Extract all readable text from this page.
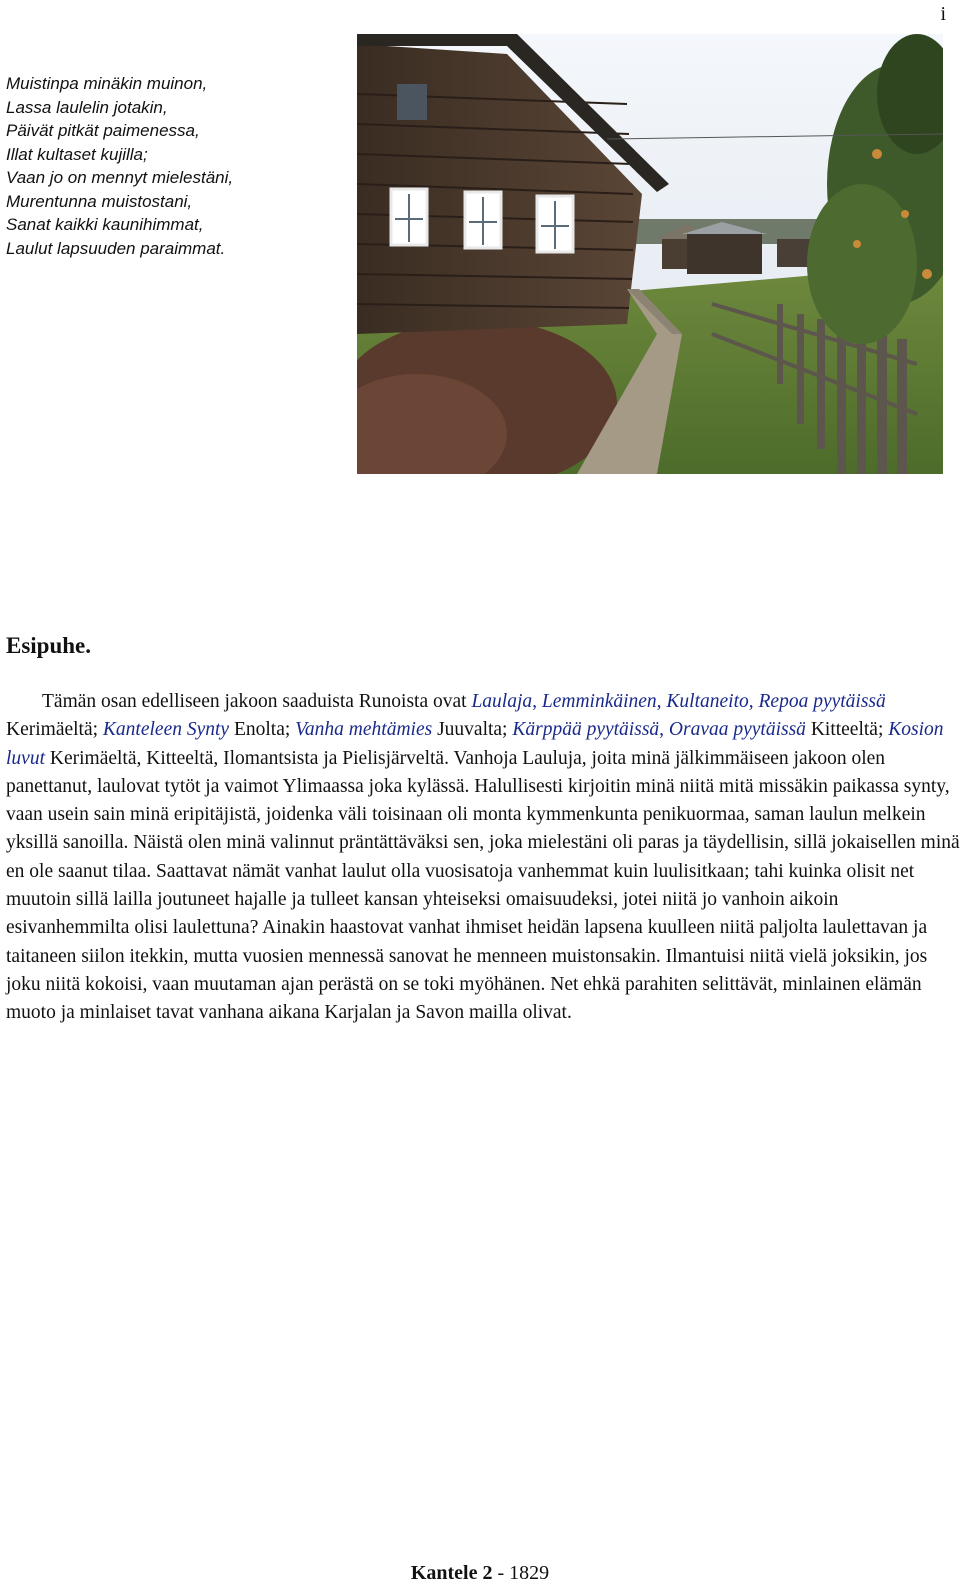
i
Muistinpa minäkin muinon,
Lassa laulelin jotakin,
Päivät pitkät paimenessa,
Illat kultaset kujilla;
Vaan jo on mennyt mielestäni,
Murentunna muistostani,
Sanat kaikki kaunihimmat,
Laulut lapsuuden paraimmat.
Esipuhe.

Tämän osan edelliseen jakoon saaduista Runoista ovat Laulaja, Lemminkäinen, Kultaneito, Repoa pyytäissä Kerimäeltä; Kanteleen Synty Enolta; Vanha mehtämies Juuvalta; Kärppää pyytäissä, Oravaa pyytäissä Kitteeltä; Kosion luvut Kerimäeltä, Kitteeltä, Ilomantsista ja Pielisjärveltä. Vanhoja Lauluja, joita minä jälkimmäiseen jakoon olen panettanut, laulovat tytöt ja vaimot Ylimaassa joka kylässä. Halullisesti kirjoitin minä niitä mitä missäkin paikassa synty, vaan usein sain minä eripitäjistä, joidenka väli toisinaan oli monta kymmenkunta penikuormaa, saman laulun melkein yksillä sanoilla. Näistä olen minä valinnut präntättäväksi sen, joka mielestäni oli paras ja täydellisin, sillä jokaisellen minä en ole saanut tilaa. Saattavat nämät vanhat laulut olla vuosisatoja vanhemmat kuin luulisitkaan; tahi kuinka olisit net muutoin sillä lailla joutuneet hajalle ja tulleet kansan yhteiseksi omaisuudeksi, jotei niitä jo vanhoin aikoin esivanhemmilta olisi laulettuna? Ainakin haastovat vanhat ihmiset heidän lapsena kuulleen niitä paljolta laulettavan ja taitaneen siilon itekkin, mutta vuosien mennessä sanovat he menneen muistonsakin. Ilmantuisi niitä vielä joksikin, jos joku niitä kokoisi, vaan muutaman ajan perästä on se toki myöhänen. Net ehkä parahiten selittävät, minlainen elämän muoto ja minlaiset tavat vanhana aikana Karjalan ja Savon mailla olivat.

Kantele 2 - 1829
